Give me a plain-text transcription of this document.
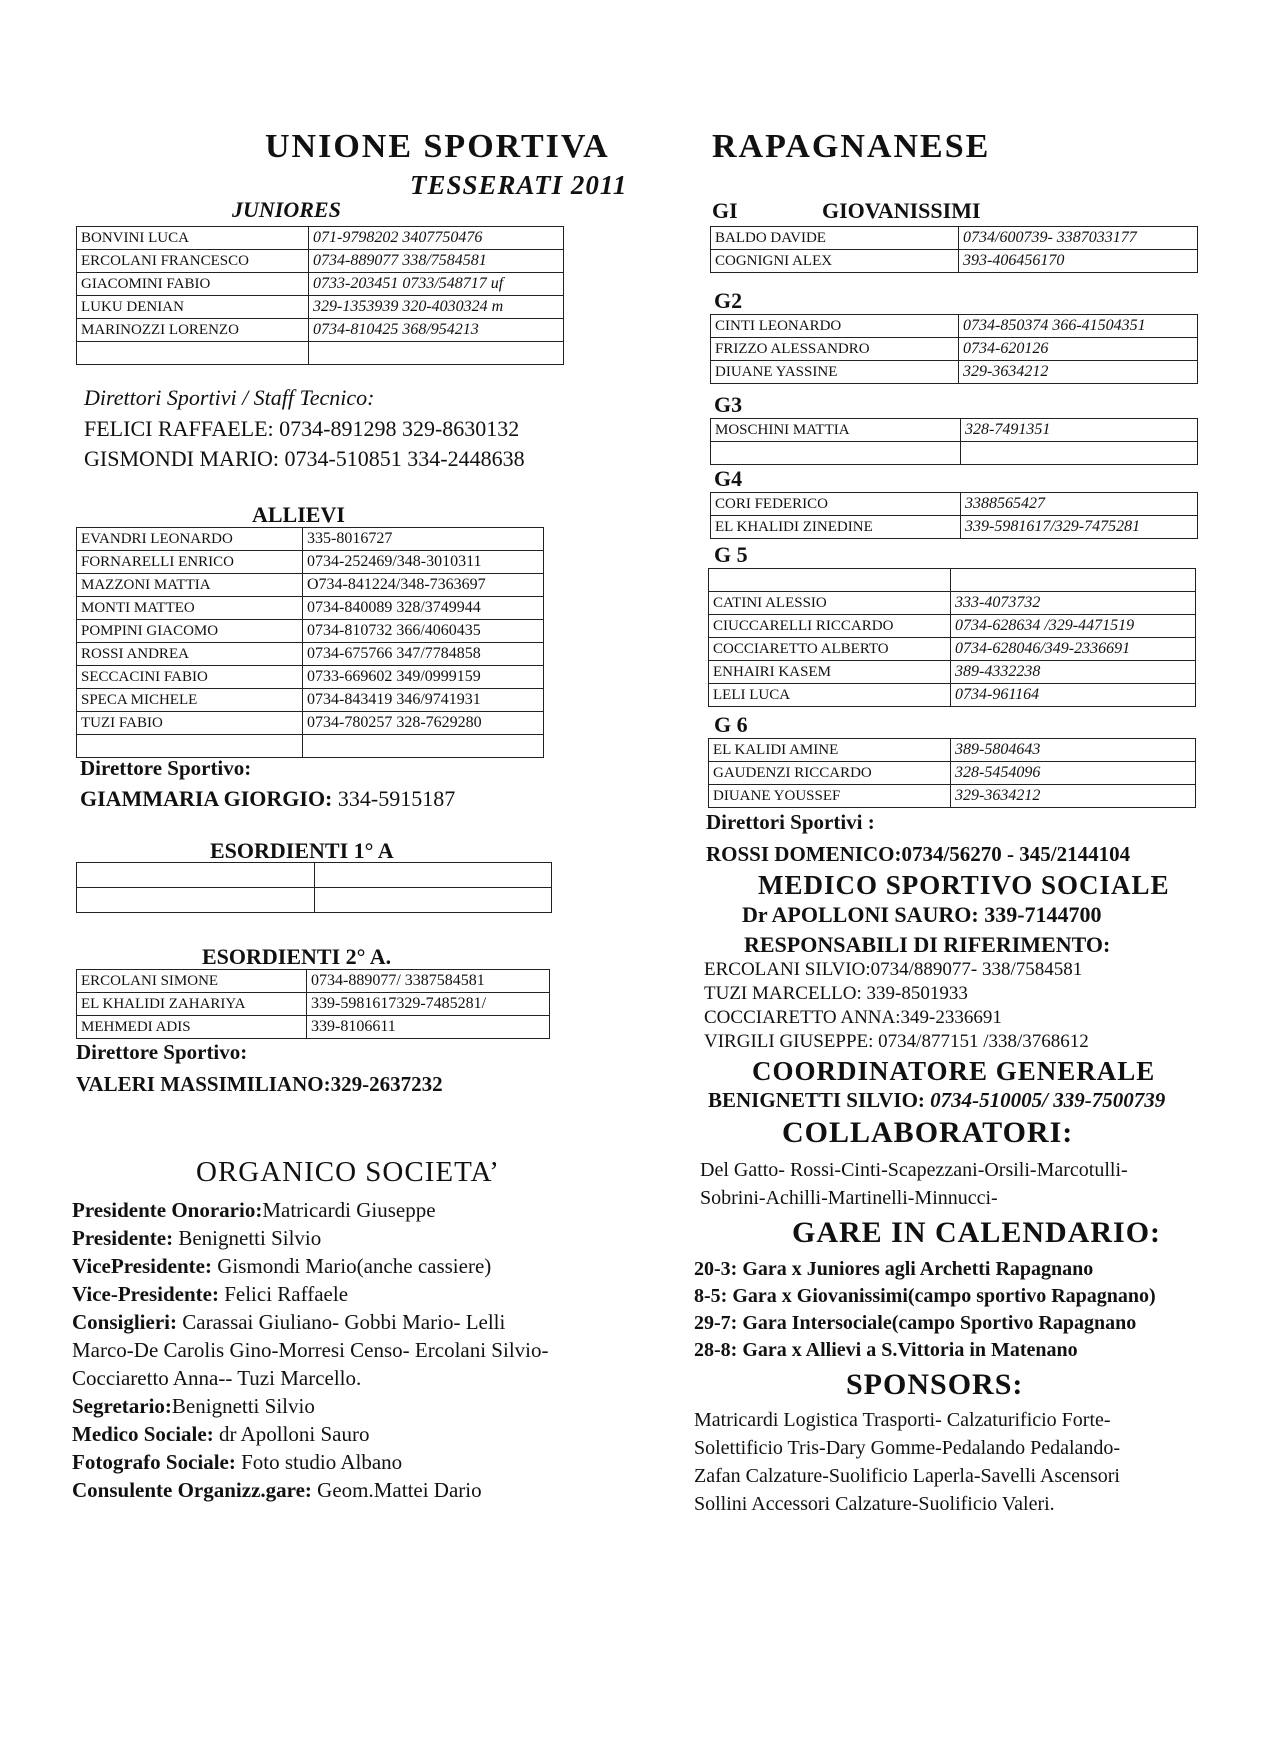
UNIONE SPORTIVA	RAPAGNANESE
TESSERATI 2011
JUNIORES
BONVINI LUCA	071-9798202 3407750476
ERCOLANI FRANCESCO	0734-889077 338/7584581
GIACOMINI FABIO	0733-203451 0733/548717 uf
LUKU DENIAN	329-1353939 320-4030324 m
MARINOZZI LORENZO	0734-810425 368/954213

Direttori Sportivi / Staff Tecnico:
FELICI RAFFAELE: 0734-891298 329-8630132
GISMONDI MARIO: 0734-510851 334-2448638
ALLIEVI
EVANDRI LEONARDO	335-8016727
FORNARELLI ENRICO	0734-252469/348-3010311
MAZZONI MATTIA	O734-841224/348-7363697
MONTI MATTEO	0734-840089 328/3749944
POMPINI GIACOMO	0734-810732 366/4060435
ROSSI ANDREA	0734-675766 347/7784858
SECCACINI FABIO	0733-669602 349/0999159
SPECA MICHELE	0734-843419 346/9741931
TUZI FABIO	0734-780257 328-7629280

Direttore Sportivo:
GIAMMARIA GIORGIO: 334-5915187
ESORDIENTI 1° A

ESORDIENTI 2° A.
ERCOLANI SIMONE	0734-889077/ 3387584581
EL KHALIDI ZAHARIYA	339-5981617329-7485281/
MEHMEDI ADIS	339-8106611
Direttore Sportivo:
VALERI MASSIMILIANO:329-2637232
ORGANICO SOCIETA’
Presidente Onorario:Matricardi Giuseppe
Presidente: Benignetti Silvio
VicePresidente: Gismondi Mario(anche cassiere)
Vice-Presidente: Felici Raffaele
Consiglieri: Carassai Giuliano- Gobbi Mario- Lelli
Marco-De Carolis Gino-Morresi Censo- Ercolani Silvio-
Cocciaretto Anna-- Tuzi Marcello.
Segretario:Benignetti Silvio
Medico Sociale: dr Apolloni Sauro
Fotografo Sociale: Foto studio Albano
Consulente Organizz.gare: Geom.Mattei Dario
GI	GIOVANISSIMI
BALDO DAVIDE	0734/600739- 3387033177
COGNIGNI ALEX	393-406456170
G2
CINTI LEONARDO	0734-850374 366-41504351
FRIZZO ALESSANDRO	0734-620126
DIUANE YASSINE	329-3634212
G3
MOSCHINI MATTIA	328-7491351

G4
CORI FEDERICO	3388565427
EL KHALIDI ZINEDINE	339-5981617/329-7475281
G 5

CATINI ALESSIO	333-4073732
CIUCCARELLI RICCARDO	0734-628634 /329-4471519
COCCIARETTO ALBERTO	0734-628046/349-2336691
ENHAIRI KASEM	389-4332238
LELI LUCA	0734-961164
G 6
EL KALIDI AMINE	389-5804643
GAUDENZI RICCARDO	328-5454096
DIUANE YOUSSEF	329-3634212
Direttori Sportivi :
ROSSI DOMENICO:0734/56270 - 345/2144104
MEDICO SPORTIVO SOCIALE
Dr APOLLONI SAURO: 339-7144700
RESPONSABILI DI RIFERIMENTO:
ERCOLANI SILVIO:0734/889077- 338/7584581
TUZI MARCELLO: 339-8501933
COCCIARETTO ANNA:349-2336691
VIRGILI GIUSEPPE: 0734/877151 /338/3768612
COORDINATORE GENERALE
BENIGNETTI SILVIO: 0734-510005/ 339-7500739
COLLABORATORI:
Del Gatto- Rossi-Cinti-Scapezzani-Orsili-Marcotulli-
Sobrini-Achilli-Martinelli-Minnucci-
GARE IN CALENDARIO:
20-3: Gara x Juniores agli Archetti Rapagnano
8-5: Gara x Giovanissimi(campo sportivo Rapagnano)
29-7: Gara Intersociale(campo Sportivo Rapagnano
28-8: Gara x Allievi a S.Vittoria in Matenano
SPONSORS:
Matricardi Logistica Trasporti- Calzaturificio Forte-
Solettificio Tris-Dary Gomme-Pedalando Pedalando-
Zafan Calzature-Suolificio Laperla-Savelli Ascensori
Sollini Accessori Calzature-Suolificio Valeri.
